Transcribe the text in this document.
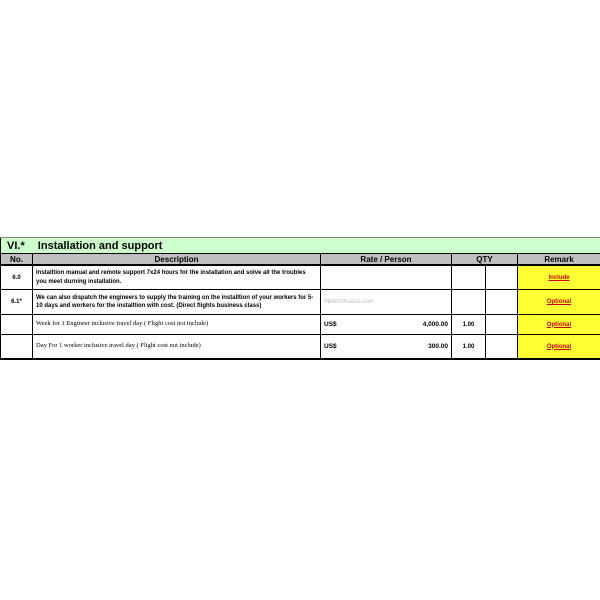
VI.* Installation and support					
No.	Description	Rate / Person	QTY		Remark
6.0	Installtion manual and remote support 7x24 hours for the installation and solve all the troubles you meet durning installation.				Include
6.1*	We can also dispatch the engineers to supply the training on the installtion of your workers for 5-10 days and workers for the installtion with cost. (Direct flights business class)	mbtechinasss.com			Optional
	Week for 1 Engineer inclusive travel day ( Flight cost not include)	US$ 4,000.00	1.00		Optional
	Day For 1 worker inclusive travel day ( Flight cost not include)	US$ 300.00	1.00		Optional
